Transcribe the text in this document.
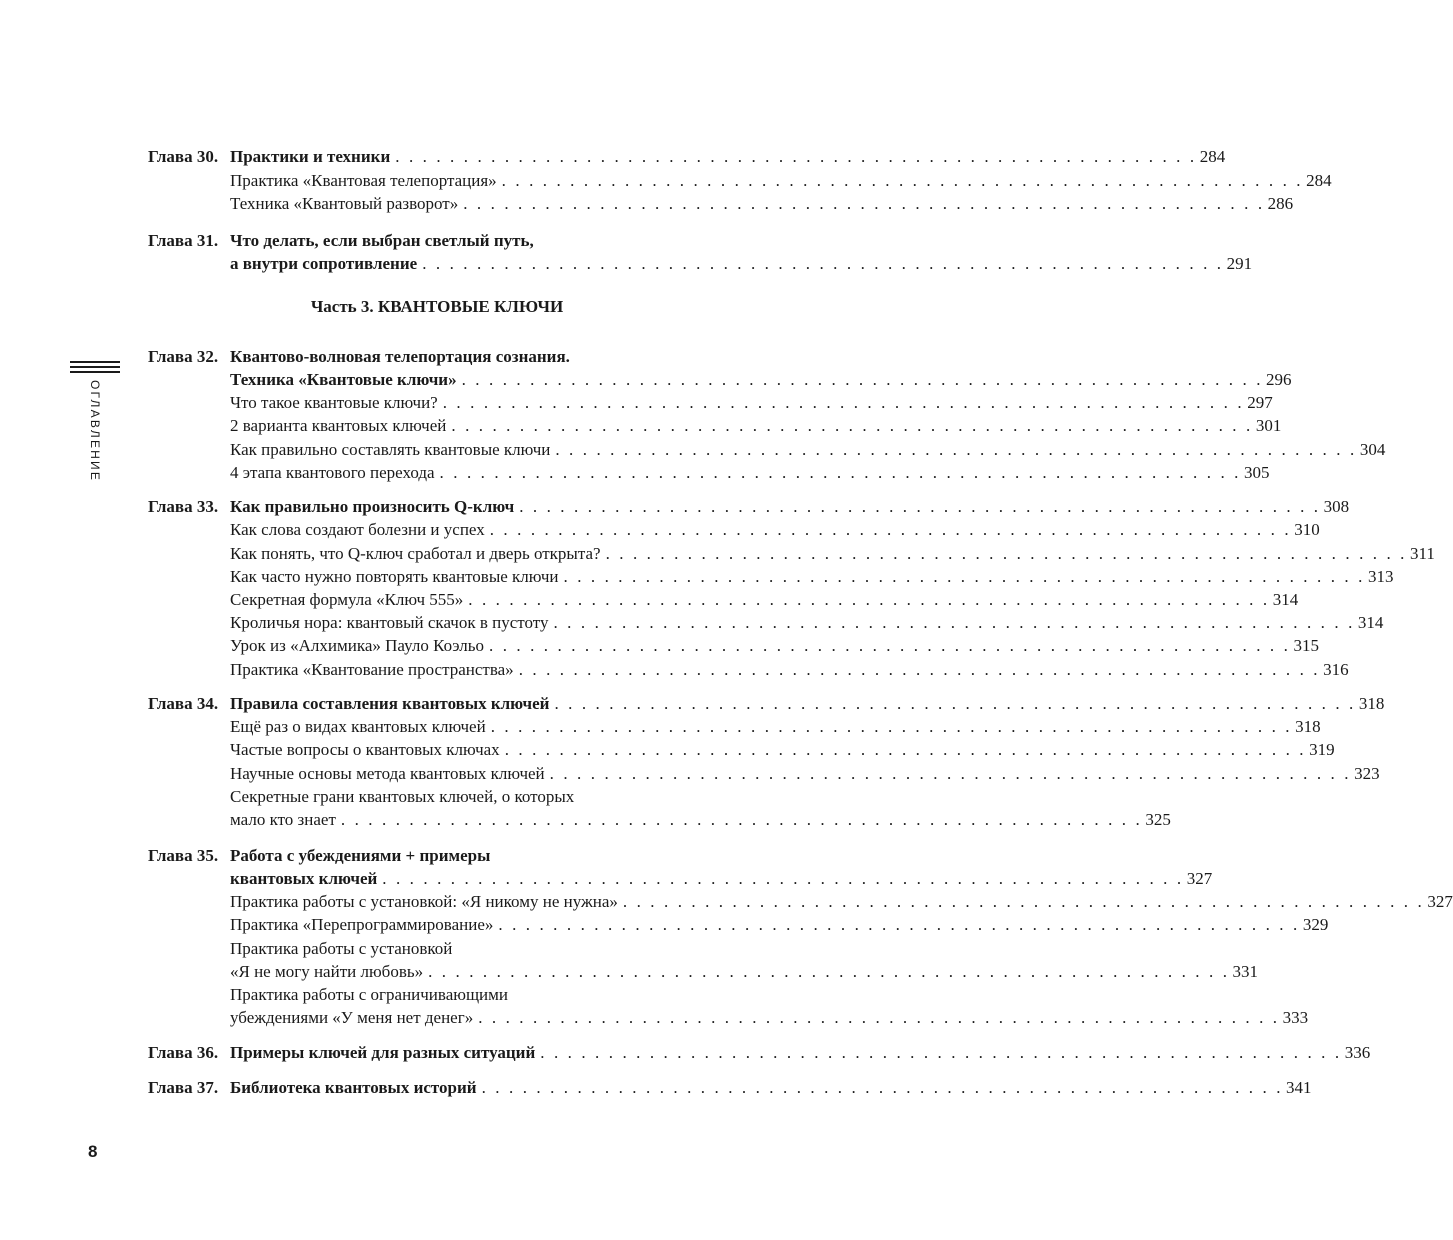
ОГЛАВЛЕНИЕ
Глава 30. Практики и техники . . . . . . . . . . . . . . . . . . . . . . . . . . . . . . . . . . . . . . . . . . . . . . . . . . . . . . . . . . . 284
Практика «Квантовая телепортация» . . . . . . . . . . . . . . . . . . . . . . . . . . . . . . . . . . . . . . . . . . . . . . . . . . . . . . . . . . . 284
Техника «Квантовый разворот» . . . . . . . . . . . . . . . . . . . . . . . . . . . . . . . . . . . . . . . . . . . . . . . . . . . . . . . . . . . 286
Глава 31. Что делать, если выбран светлый путь,
а внутри сопротивление . . . . . . . . . . . . . . . . . . . . . . . . . . . . . . . . . . . . . . . . . . . . . . . . . . . . . . . . . . . 291
Часть 3. КВАНТОВЫЕ КЛЮЧИ
Глава 32. Квантово-волновая телепортация сознания.
Техника «Квантовые ключи» . . . . . . . . . . . . . . . . . . . . . . . . . . . . . . . . . . . . . . . . . . . . . . . . . . . . . . . . . . . 296
Что такое квантовые ключи? . . . . . . . . . . . . . . . . . . . . . . . . . . . . . . . . . . . . . . . . . . . . . . . . . . . . . . . . . . . 297
2 варианта квантовых ключей . . . . . . . . . . . . . . . . . . . . . . . . . . . . . . . . . . . . . . . . . . . . . . . . . . . . . . . . . . . 301
Как правильно составлять квантовые ключи . . . . . . . . . . . . . . . . . . . . . . . . . . . . . . . . . . . . . . . . . . . . . . . . . . . . . . . . . . . 304
4 этапа квантового перехода . . . . . . . . . . . . . . . . . . . . . . . . . . . . . . . . . . . . . . . . . . . . . . . . . . . . . . . . . . . 305
Глава 33. Как правильно произносить Q-ключ . . . . . . . . . . . . . . . . . . . . . . . . . . . . . . . . . . . . . . . . . . . . . . . . . . . . . . . . . . . 308
Как слова создают болезни и успех . . . . . . . . . . . . . . . . . . . . . . . . . . . . . . . . . . . . . . . . . . . . . . . . . . . . . . . . . . . 310
Как понять, что Q-ключ сработал и дверь открыта? . . . . . . . . . . . . . . . . . . . . . . . . . . . . . . . . . . . . . . . . . . . . . . . . . . . . . . . . . . . 311
Как часто нужно повторять квантовые ключи . . . . . . . . . . . . . . . . . . . . . . . . . . . . . . . . . . . . . . . . . . . . . . . . . . . . . . . . . . . 313
Секретная формула «Ключ 555» . . . . . . . . . . . . . . . . . . . . . . . . . . . . . . . . . . . . . . . . . . . . . . . . . . . . . . . . . . . 314
Кроличья нора: квантовый скачок в пустоту . . . . . . . . . . . . . . . . . . . . . . . . . . . . . . . . . . . . . . . . . . . . . . . . . . . . . . . . . . . 314
Урок из «Алхимика» Пауло Коэльо . . . . . . . . . . . . . . . . . . . . . . . . . . . . . . . . . . . . . . . . . . . . . . . . . . . . . . . . . . . 315
Практика «Квантование пространства» . . . . . . . . . . . . . . . . . . . . . . . . . . . . . . . . . . . . . . . . . . . . . . . . . . . . . . . . . . . 316
Глава 34. Правила составления квантовых ключей . . . . . . . . . . . . . . . . . . . . . . . . . . . . . . . . . . . . . . . . . . . . . . . . . . . . . . . . . . . 318
Ещё раз о видах квантовых ключей . . . . . . . . . . . . . . . . . . . . . . . . . . . . . . . . . . . . . . . . . . . . . . . . . . . . . . . . . . . 318
Частые вопросы о квантовых ключах . . . . . . . . . . . . . . . . . . . . . . . . . . . . . . . . . . . . . . . . . . . . . . . . . . . . . . . . . . . 319
Научные основы метода квантовых ключей . . . . . . . . . . . . . . . . . . . . . . . . . . . . . . . . . . . . . . . . . . . . . . . . . . . . . . . . . . . 323
Секретные грани квантовых ключей, о которых
мало кто знает . . . . . . . . . . . . . . . . . . . . . . . . . . . . . . . . . . . . . . . . . . . . . . . . . . . . . . . . . . . 325
Глава 35. Работа с убеждениями + примеры
квантовых ключей . . . . . . . . . . . . . . . . . . . . . . . . . . . . . . . . . . . . . . . . . . . . . . . . . . . . . . . . . . . 327
Практика работы с установкой: «Я никому не нужна» . . . . . . . . . . . . . . . . . . . . . . . . . . . . . . . . . . . . . . . . . . . . . . . . . . . . . . . . . . . 327
Практика «Перепрограммирование» . . . . . . . . . . . . . . . . . . . . . . . . . . . . . . . . . . . . . . . . . . . . . . . . . . . . . . . . . . . 329
Практика работы с установкой
«Я не могу найти любовь» . . . . . . . . . . . . . . . . . . . . . . . . . . . . . . . . . . . . . . . . . . . . . . . . . . . . . . . . . . . 331
Практика работы с ограничивающими
убеждениями «У меня нет денег» . . . . . . . . . . . . . . . . . . . . . . . . . . . . . . . . . . . . . . . . . . . . . . . . . . . . . . . . . . . 333
Глава 36. Примеры ключей для разных ситуаций . . . . . . . . . . . . . . . . . . . . . . . . . . . . . . . . . . . . . . . . . . . . . . . . . . . . . . . . . . . 336
Глава 37. Библиотека квантовых историй . . . . . . . . . . . . . . . . . . . . . . . . . . . . . . . . . . . . . . . . . . . . . . . . . . . . . . . . . . . 341
8
